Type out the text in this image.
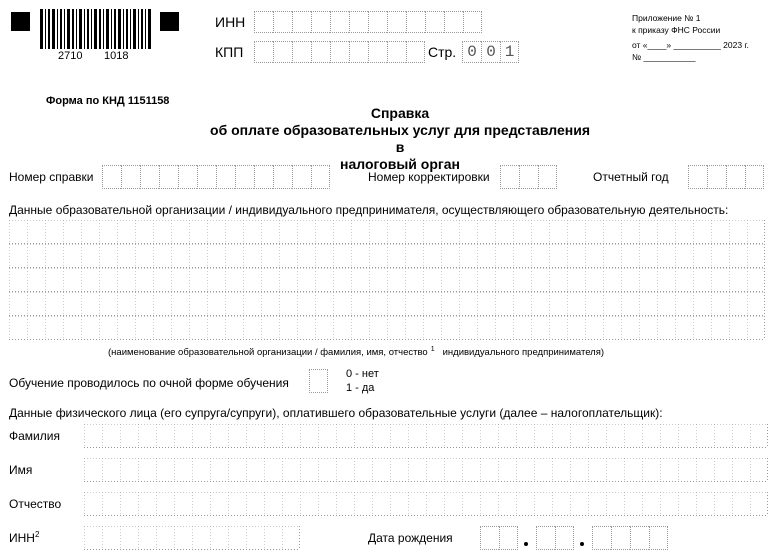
2710 1018
ИНН
КПП	Стр. 0 0 1
Приложение № 1
к приказу ФНС России
от «____» __________ 2023 г.
№ ___________
Форма по КНД 1151158
Справка
об оплате образовательных услуг для представления в
налоговый орган
Номер справки	Номер корректировки	Отчетный год
Данные образовательной организации / индивидуального предпринимателя, осуществляющего образовательную деятельность:
(наименование образовательной организации / фамилия, имя, отчество $^1$ индивидуального предпринимателя)
Обучение проводилось по очной форме обучения
0 - нет
1 - да
Данные физического лица (его супруга/супруги), оплатившего образовательные услуги (далее – налогоплательщик):
Фамилия
Имя
Отчество
ИНН$^2$	Дата рождения
